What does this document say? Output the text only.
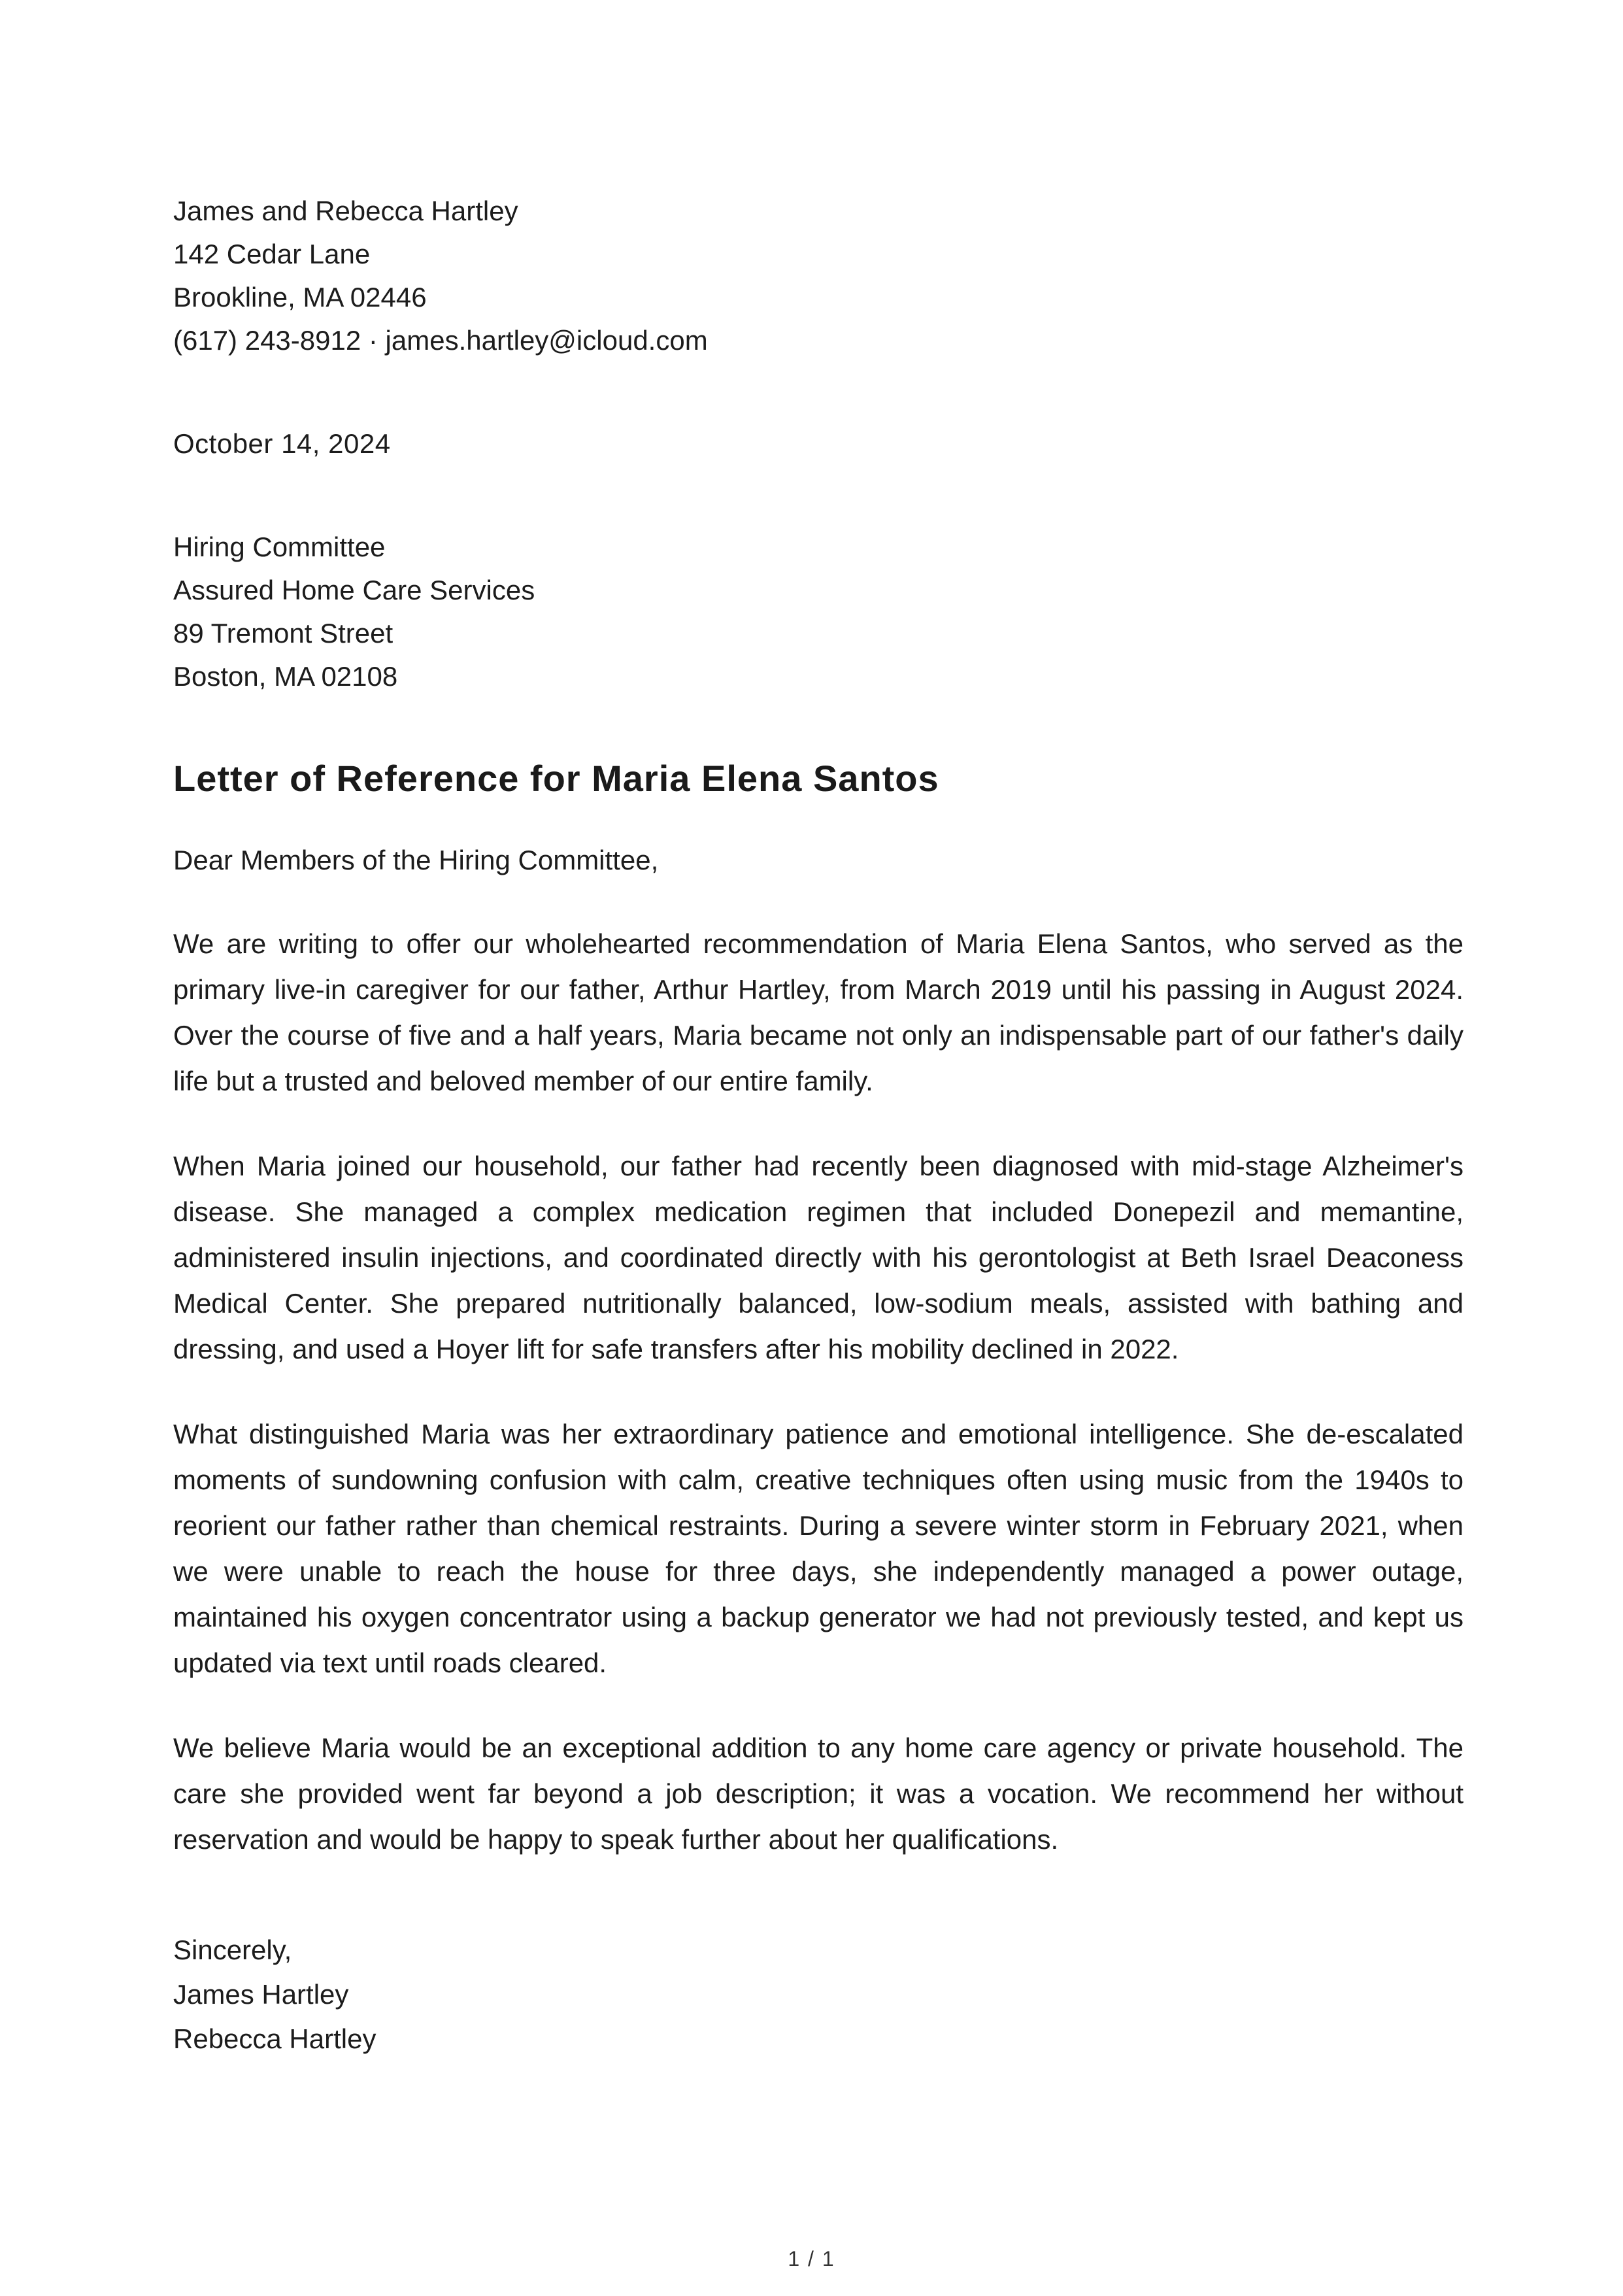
James and Rebecca Hartley
142 Cedar Lane
Brookline, MA 02446
(617) 243-8912 · james.hartley@icloud.com
October 14, 2024
Hiring Committee
Assured Home Care Services
89 Tremont Street
Boston, MA 02108
Letter of Reference for Maria Elena Santos
Dear Members of the Hiring Committee,

We are writing to offer our wholehearted recommendation of Maria Elena Santos, who served as the primary live-in caregiver for our father, Arthur Hartley, from March 2019 until his passing in August 2024. Over the course of five and a half years, Maria became not only an indispensable part of our father's daily life but a trusted and beloved member of our entire family.

When Maria joined our household, our father had recently been diagnosed with mid-stage Alzheimer's disease. She managed a complex medication regimen that included Donepezil and memantine, administered insulin injections, and coordinated directly with his gerontologist at Beth Israel Deaconess Medical Center. She prepared nutritionally balanced, low-sodium meals, assisted with bathing and dressing, and used a Hoyer lift for safe transfers after his mobility declined in 2022.

What distinguished Maria was her extraordinary patience and emotional intelligence. She de-escalated moments of sundowning confusion with calm, creative techniques often using music from the 1940s to reorient our father rather than chemical restraints. During a severe winter storm in February 2021, when we were unable to reach the house for three days, she independently managed a power outage, maintained his oxygen concentrator using a backup generator we had not previously tested, and kept us updated via text until roads cleared.

We believe Maria would be an exceptional addition to any home care agency or private household. The care she provided went far beyond a job description; it was a vocation. We recommend her without reservation and would be happy to speak further about her qualifications.

Sincerely,
James Hartley
Rebecca Hartley
1 / 1
